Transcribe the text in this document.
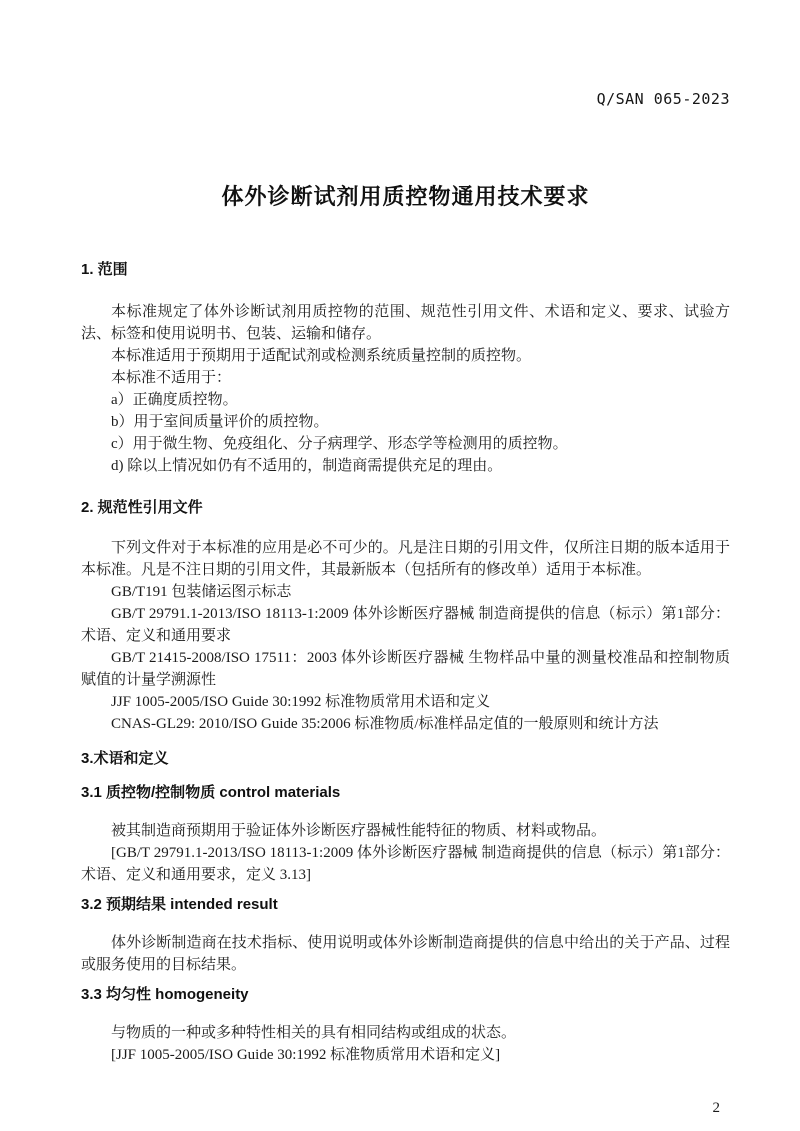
Q/SAN 065-2023
体外诊断试剂用质控物通用技术要求
1. 范围

本标准规定了体外诊断试剂用质控物的范围、规范性引用文件、术语和定义、要求、试验方法、标签和使用说明书、包装、运输和储存。

本标准适用于预期用于适配试剂或检测系统质量控制的质控物。

本标准不适用于：

a）正确度质控物。

b）用于室间质量评价的质控物。

c）用于微生物、免疫组化、分子病理学、形态学等检测用的质控物。

d) 除以上情况如仍有不适用的，制造商需提供充足的理由。

2. 规范性引用文件

下列文件对于本标准的应用是必不可少的。凡是注日期的引用文件，仅所注日期的版本适用于本标准。凡是不注日期的引用文件，其最新版本（包括所有的修改单）适用于本标准。

GB/T191 包装储运图示标志

GB/T 29791.1-2013/ISO 18113-1:2009 体外诊断医疗器械 制造商提供的信息（标示）第1部分：术语、定义和通用要求

GB/T 21415-2008/ISO 17511：2003 体外诊断医疗器械 生物样品中量的测量校准品和控制物质赋值的计量学溯源性

JJF 1005-2005/ISO Guide 30:1992 标准物质常用术语和定义

CNAS-GL29: 2010/ISO Guide 35:2006 标准物质/标准样品定值的一般原则和统计方法

3.术语和定义
3.1 质控物/控制物质 control materials

被其制造商预期用于验证体外诊断医疗器械性能特征的物质、材料或物品。

[GB/T 29791.1-2013/ISO 18113-1:2009 体外诊断医疗器械 制造商提供的信息（标示）第1部分：术语、定义和通用要求，定义 3.13]

3.2 预期结果 intended result

体外诊断制造商在技术指标、使用说明或体外诊断制造商提供的信息中给出的关于产品、过程或服务使用的目标结果。

3.3 均匀性 homogeneity

与物质的一种或多种特性相关的具有相同结构或组成的状态。

[JJF 1005-2005/ISO Guide 30:1992 标准物质常用术语和定义]

2
